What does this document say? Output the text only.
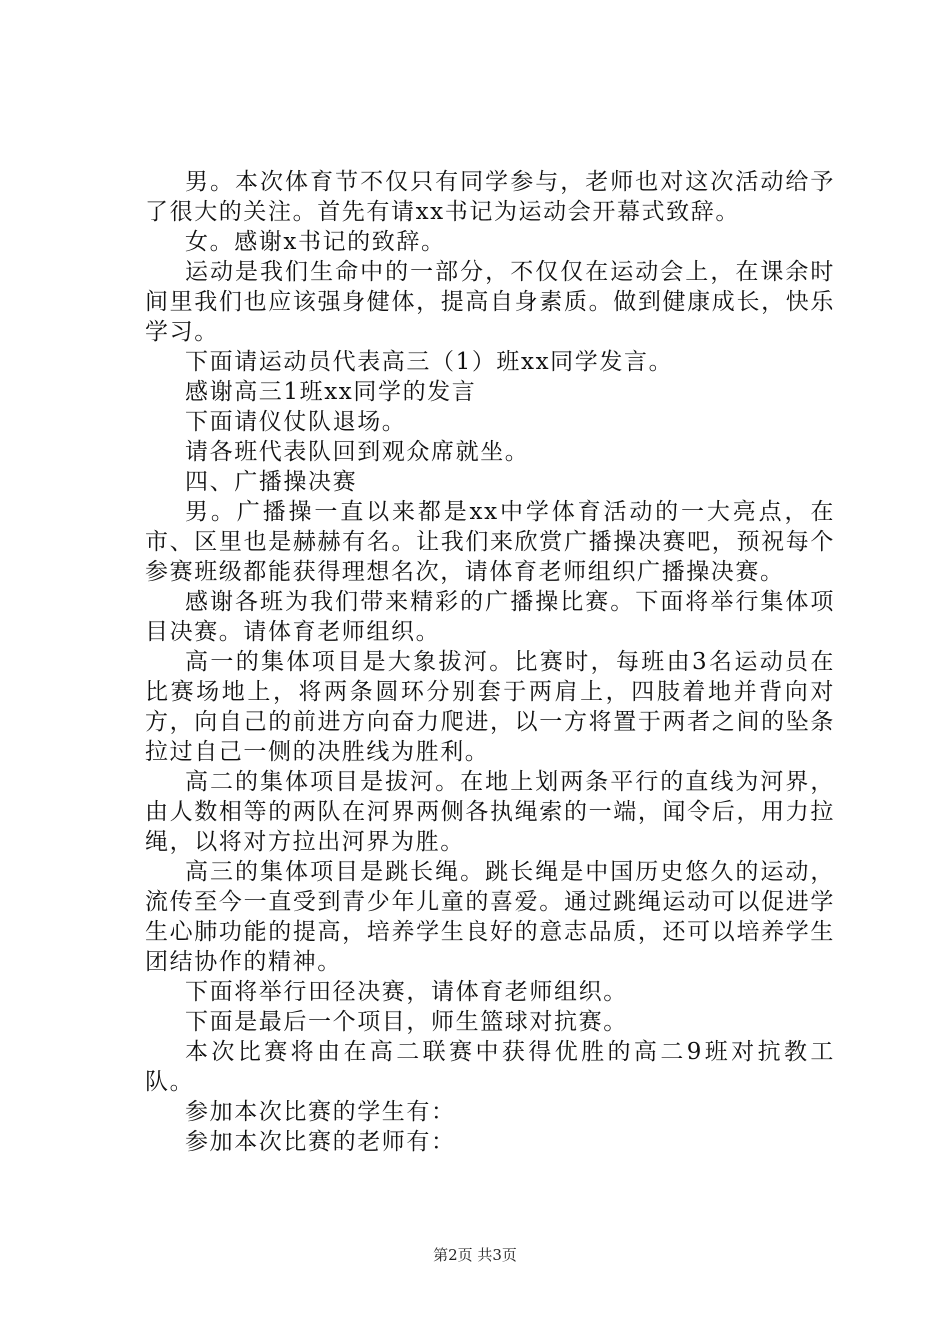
男。本次体育节不仅只有同学参与，老师也对这次活动给予了很大的关注。首先有请xx书记为运动会开幕式致辞。

女。感谢x书记的致辞。

运动是我们生命中的一部分，不仅仅在运动会上，在课余时间里我们也应该强身健体，提高自身素质。做到健康成长，快乐学习。

下面请运动员代表高三（1）班xx同学发言。

感谢高三1班xx同学的发言

下面请仪仗队退场。

请各班代表队回到观众席就坐。

四、广播操决赛

男。广播操一直以来都是xx中学体育活动的一大亮点，在市、区里也是赫赫有名。让我们来欣赏广播操决赛吧，预祝每个参赛班级都能获得理想名次，请体育老师组织广播操决赛。

感谢各班为我们带来精彩的广播操比赛。下面将举行集体项目决赛。请体育老师组织。

高一的集体项目是大象拔河。比赛时，每班由3名运动员在比赛场地上，将两条圆环分别套于两肩上，四肢着地并背向对方，向自己的前进方向奋力爬进，以一方将置于两者之间的坠条拉过自己一侧的决胜线为胜利。

高二的集体项目是拔河。在地上划两条平行的直线为河界，由人数相等的两队在河界两侧各执绳索的一端，闻令后，用力拉绳，以将对方拉出河界为胜。

高三的集体项目是跳长绳。跳长绳是中国历史悠久的运动，流传至今一直受到青少年儿童的喜爱。通过跳绳运动可以促进学生心肺功能的提高，培养学生良好的意志品质，还可以培养学生团结协作的精神。

下面将举行田径决赛，请体育老师组织。

下面是最后一个项目，师生篮球对抗赛。

本次比赛将由在高二联赛中获得优胜的高二9班对抗教工队。

参加本次比赛的学生有：

参加本次比赛的老师有：

第2页 共3页
